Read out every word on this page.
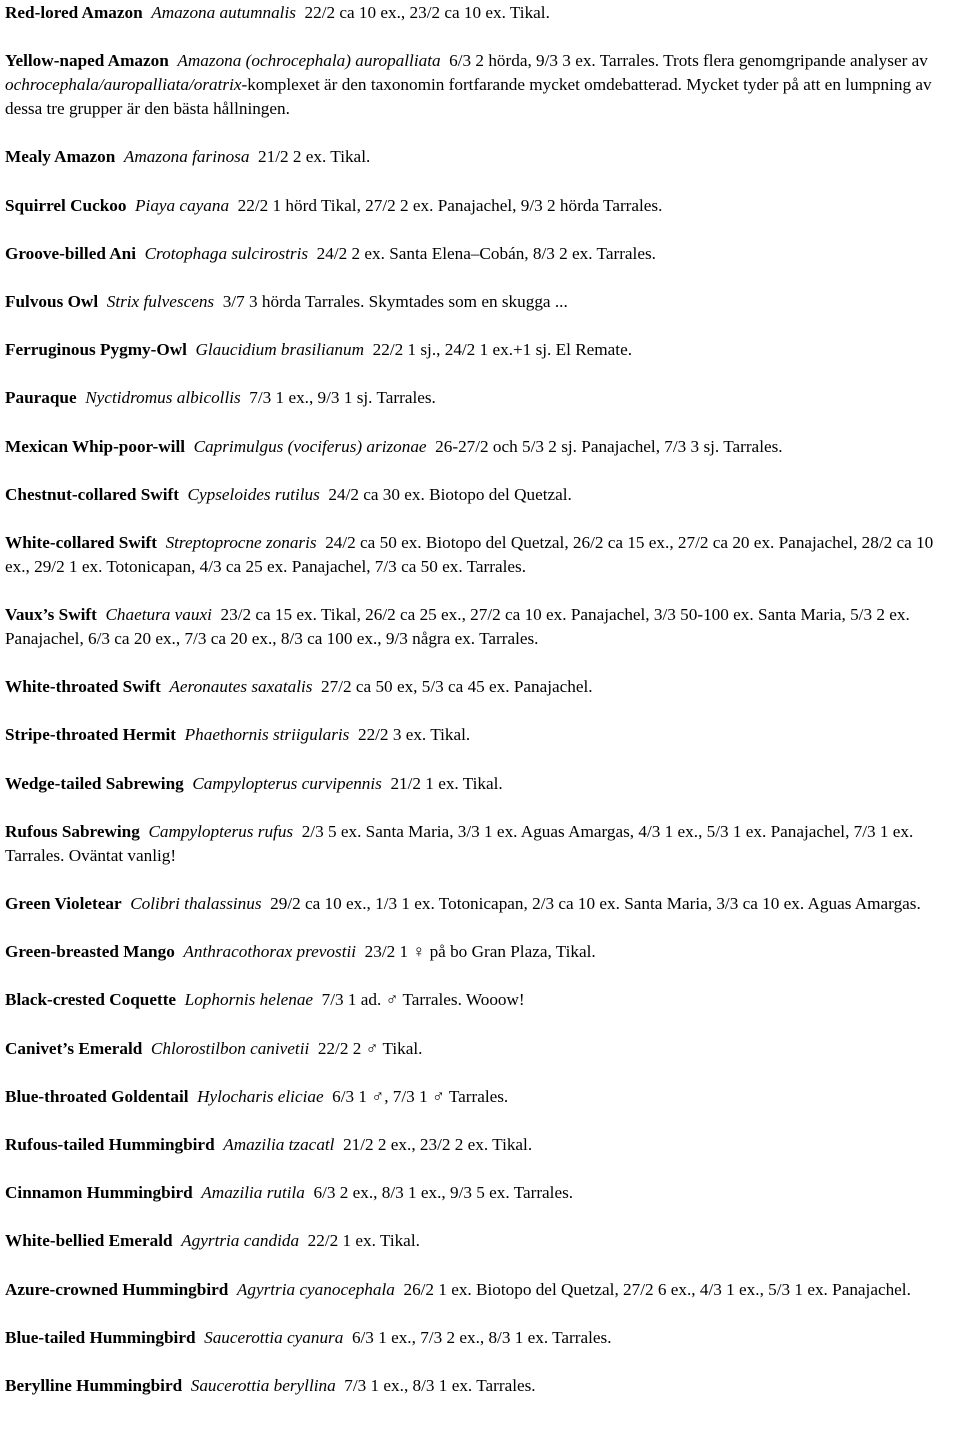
Red-lored Amazon Amazona autumnalis 22/2 ca 10 ex., 23/2 ca 10 ex. Tikal.

Yellow-naped Amazon Amazona (ochrocephala) auropalliata 6/3 2 hörda, 9/3 3 ex. Tarrales. Trots flera genomgripande analyser av ochrocephala/auropalliata/oratrix-komplexet är den taxonomin fortfarande mycket omdebatterad. Mycket tyder på att en lumpning av dessa tre grupper är den bästa hållningen.

Mealy Amazon Amazona farinosa 21/2 2 ex. Tikal.

Squirrel Cuckoo Piaya cayana 22/2 1 hörd Tikal, 27/2 2 ex. Panajachel, 9/3 2 hörda Tarrales.

Groove-billed Ani Crotophaga sulcirostris 24/2 2 ex. Santa Elena–Cobán, 8/3 2 ex. Tarrales.

Fulvous Owl Strix fulvescens 3/7 3 hörda Tarrales. Skymtades som en skugga ...

Ferruginous Pygmy-Owl Glaucidium brasilianum 22/2 1 sj., 24/2 1 ex.+1 sj. El Remate.

Pauraque Nyctidromus albicollis 7/3 1 ex., 9/3 1 sj. Tarrales.

Mexican Whip-poor-will Caprimulgus (vociferus) arizonae 26-27/2 och 5/3 2 sj. Panajachel, 7/3 3 sj. Tarrales.

Chestnut-collared Swift Cypseloides rutilus 24/2 ca 30 ex. Biotopo del Quetzal.

White-collared Swift Streptoprocne zonaris 24/2 ca 50 ex. Biotopo del Quetzal, 26/2 ca 15 ex., 27/2 ca 20 ex. Panajachel, 28/2 ca 10 ex., 29/2 1 ex. Totonicapan, 4/3 ca 25 ex. Panajachel, 7/3 ca 50 ex. Tarrales.

Vaux’s Swift Chaetura vauxi 23/2 ca 15 ex. Tikal, 26/2 ca 25 ex., 27/2 ca 10 ex. Panajachel, 3/3 50-100 ex. Santa Maria, 5/3 2 ex. Panajachel, 6/3 ca 20 ex., 7/3 ca 20 ex., 8/3 ca 100 ex., 9/3 några ex. Tarrales.

White-throated Swift Aeronautes saxatalis 27/2 ca 50 ex, 5/3 ca 45 ex. Panajachel.

Stripe-throated Hermit Phaethornis striigularis 22/2 3 ex. Tikal.

Wedge-tailed Sabrewing Campylopterus curvipennis 21/2 1 ex. Tikal.

Rufous Sabrewing Campylopterus rufus 2/3 5 ex. Santa Maria, 3/3 1 ex. Aguas Amargas, 4/3 1 ex., 5/3 1 ex. Panajachel, 7/3 1 ex. Tarrales. Oväntat vanlig!

Green Violetear Colibri thalassinus 29/2 ca 10 ex., 1/3 1 ex. Totonicapan, 2/3 ca 10 ex. Santa Maria, 3/3 ca 10 ex. Aguas Amargas.

Green-breasted Mango Anthracothorax prevostii 23/2 1 ♀ på bo Gran Plaza, Tikal.

Black-crested Coquette Lophornis helenae 7/3 1 ad. ♂ Tarrales. Wooow!

Canivet’s Emerald Chlorostilbon canivetii 22/2 2 ♂ Tikal.

Blue-throated Goldentail Hylocharis eliciae 6/3 1 ♂, 7/3 1 ♂ Tarrales.

Rufous-tailed Hummingbird Amazilia tzacatl 21/2 2 ex., 23/2 2 ex. Tikal.

Cinnamon Hummingbird Amazilia rutila 6/3 2 ex., 8/3 1 ex., 9/3 5 ex. Tarrales.

White-bellied Emerald Agyrtria candida 22/2 1 ex. Tikal.

Azure-crowned Hummingbird Agyrtria cyanocephala 26/2 1 ex. Biotopo del Quetzal, 27/2 6 ex., 4/3 1 ex., 5/3 1 ex. Panajachel.

Blue-tailed Hummingbird Saucerottia cyanura 6/3 1 ex., 7/3 2 ex., 8/3 1 ex. Tarrales.

Berylline Hummingbird Saucerottia beryllina 7/3 1 ex., 8/3 1 ex. Tarrales.
